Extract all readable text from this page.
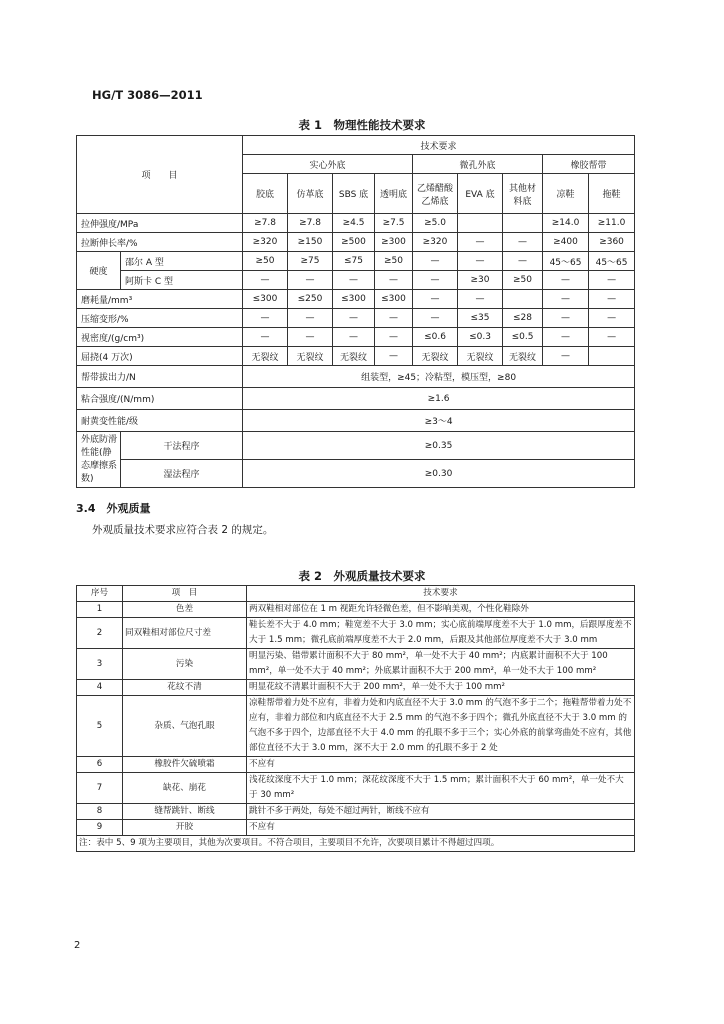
HG/T 3086—2011
表 1　物理性能技术要求
项　　目		技术要求								
		实心外底				微孔外底			橡胶帮带	
		胶底	仿革底	SBS 底	透明底	乙烯醋酸乙烯底	EVA 底	其他材料底	凉鞋	拖鞋
拉伸强度/MPa		≥7.8	≥7.8	≥4.5	≥7.5	≥5.0			≥14.0	≥11.0
拉断伸长率/%		≥320	≥150	≥500	≥300	≥320	—	—	≥400	≥360
硬度	邵尔 A 型	≥50	≥75	≤75	≥50	—	—	—	45～65	45～65
	阿斯卡 C 型	—	—	—	—	—	≥30	≥50	—	—
磨耗量/mm³		≤300	≤250	≤300	≤300	—	—		—	—
压缩变形/%		—	—	—	—	—	≤35	≤28	—	—
视密度/(g/cm³)		—	—	—	—	≤0.6	≤0.3	≤0.5	—	—
屈挠(4 万次)		无裂纹	无裂纹	无裂纹	—	无裂纹	无裂纹	无裂纹	—	
帮带拔出力/N		组装型，≥45；冷粘型，模压型，≥80								
粘合强度/(N/mm)		≥1.6								
耐黄变性能/级		≥3～4								
外底防滑性能(静态摩擦系数)	干法程序	≥0.35								
	湿法程序	≥0.30								
3.4　外观质量
外观质量技术要求应符合表 2 的规定。
表 2　外观质量技术要求
序号	项　目	技术要求
1	色差	两双鞋相对部位在 1 m 视距允许轻微色差，但不影响美观，个性化鞋除外
2	同双鞋相对部位尺寸差	鞋长差不大于 4.0 mm；鞋宽差不大于 3.0 mm；实心底前端厚度差不大于 1.0 mm，后跟厚度差不大于 1.5 mm；微孔底前端厚度差不大于 2.0 mm，后跟及其他部位厚度差不大于 3.0 mm
3	污染	明显污染、错带累计面积不大于 80 mm²，单一处不大于 40 mm²；内底累计面积不大于 100 mm²，单一处不大于 40 mm²；外底累计面积不大于 200 mm²，单一处不大于 100 mm²
4	花纹不清	明显花纹不清累计面积不大于 200 mm²，单一处不大于 100 mm²
5	杂质、气泡孔眼	凉鞋帮带着力处不应有，非着力处和内底直径不大于 3.0 mm 的气泡不多于二个；拖鞋帮带着力处不应有，非着力部位和内底直径不大于 2.5 mm 的气泡不多于四个；微孔外底直径不大于 3.0 mm 的气泡不多于四个，边部直径不大于 4.0 mm 的孔眼不多于三个；实心外底的前掌弯曲处不应有，其他部位直径不大于 3.0 mm，深不大于 2.0 mm 的孔眼不多于 2 处
6	橡胶件欠硫喷霜	不应有
7	缺花、崩花	浅花纹深度不大于 1.0 mm；深花纹深度不大于 1.5 mm；累计面积不大于 60 mm²，单一处不大于 30 mm²
8	缝帮跳针、断线	跳针不多于两处，每处不超过两针，断线不应有
9	开胶	不应有
注：表中 5、9 项为主要项目，其他为次要项目。不符合项目，主要项目不允许，次要项目累计不得超过四项。		
2
